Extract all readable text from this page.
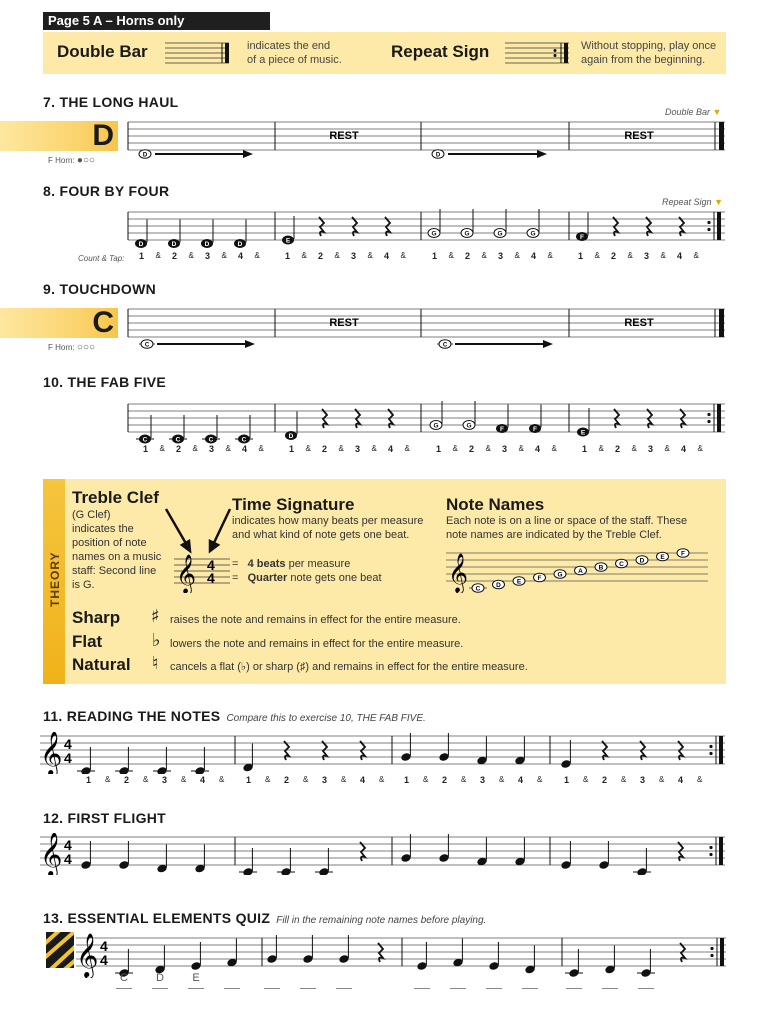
Page 5 A – Horns only
Double Bar	indicates the end
of a piece of music.	Repeat Sign	Without stopping, play once
again from the beginning.
7. THE LONG HAUL
Double Bar ▼
D
F Horn: ●○○
REST	REST
D	D
8. FOUR BY FOUR
Repeat Sign ▼
D	D	D	D	E
G	G	G	G	F
Count & Tap: 1 & 2 & 3 & 4 &	1 & 2 & 3 & 4 &	1 & 2 & 3 & 4 &	1 & 2 & 3 & 4 &
9. TOUCHDOWN
C
F Horn: ○○○
REST	REST
C	C
10. THE FAB FIVE
C	C	C	C	D
G	G	F	F	E
1 & 2 & 3 & 4 &	1 & 2 & 3 & 4 &	1 & 2 & 3 & 4 &	1 & 2 & 3 & 4 &
THEORY
Treble Clef
(G Clef)
indicates the
position of note
names on a music
staff: Second line
is G.	𝄞 4
4
Time Signature
indicates how many beats per measure
and what kind of note gets one beat.
=   4 beats per measure
=   Quarter note gets one beat
Note Names
Each note is on a line or space of the staff. These
note names are indicated by the Treble Clef.
𝄞 C D E	F G A B C D E	F
Sharp ♯ raises the note and remains in effect for the entire measure.
Flat	♭ lowers the note and remains in effect for the entire measure.
Natural ♮ cancels a flat (♭) or sharp (♯) and remains in effect for the entire measure.
11. READING THE NOTES Compare this to exercise 10, THE FAB FIVE.
𝄞 4
4
1 & 2 & 3 & 4 & 1 & 2 & 3 & 4 & 1 & 2 & 3 & 4 & 1 & 2 & 3 & 4 &
12. FIRST FLIGHT
𝄞 4
4
13. ESSENTIAL ELEMENTS QUIZ Fill in the remaining note names before playing.
𝄞 4
4
C	D	E
